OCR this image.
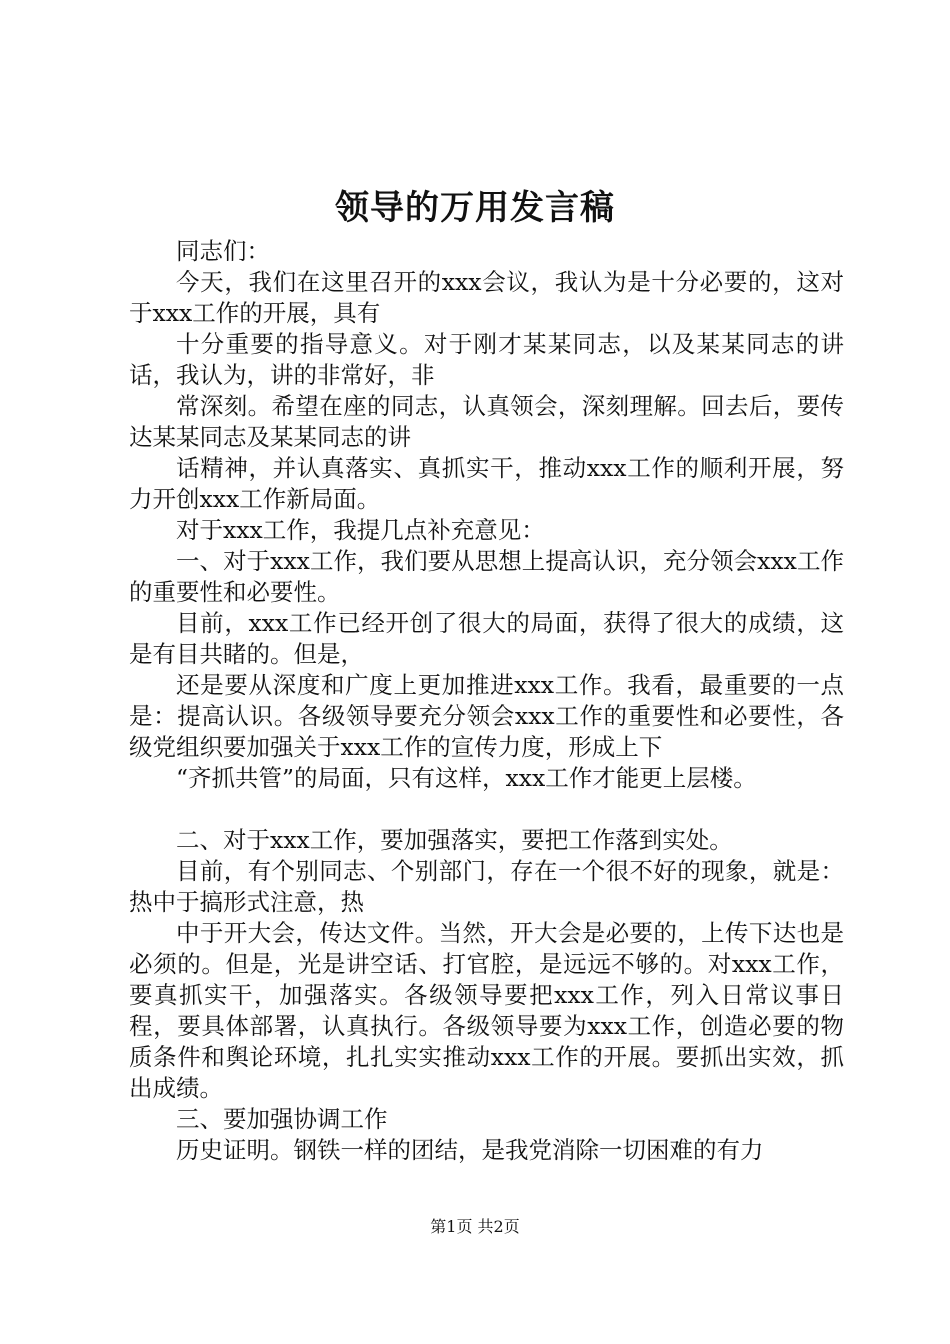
领导的万用发言稿

同志们：

今天，我们在这里召开的xxx会议，我认为是十分必要的，这对于xxx工作的开展，具有

十分重要的指导意义。对于刚才某某同志，以及某某同志的讲话，我认为，讲的非常好，非

常深刻。希望在座的同志，认真领会，深刻理解。回去后，要传达某某同志及某某同志的讲

话精神，并认真落实、真抓实干，推动xxx工作的顺利开展，努力开创xxx工作新局面。

对于xxx工作，我提几点补充意见：

一、对于xxx工作，我们要从思想上提高认识，充分领会xxx工作的重要性和必要性。

目前，xxx工作已经开创了很大的局面，获得了很大的成绩，这是有目共睹的。但是，

还是要从深度和广度上更加推进xxx工作。我看，最重要的一点是：提高认识。各级领导要充分领会xxx工作的重要性和必要性，各级党组织要加强关于xxx工作的宣传力度，形成上下

“齐抓共管”的局面，只有这样，xxx工作才能更上层楼。

二、对于xxx工作，要加强落实，要把工作落到实处。

目前，有个别同志、个别部门，存在一个很不好的现象，就是：热中于搞形式注意，热

中于开大会，传达文件。当然，开大会是必要的，上传下达也是必须的。但是，光是讲空话、打官腔，是远远不够的。对xxx工作，要真抓实干，加强落实。各级领导要把xxx工作，列入日常议事日程，要具体部署，认真执行。各级领导要为xxx工作，创造必要的物质条件和舆论环境，扎扎实实推动xxx工作的开展。要抓出实效，抓出成绩。

三、要加强协调工作

历史证明。钢铁一样的团结，是我党消除一切困难的有力

第1页 共2页
